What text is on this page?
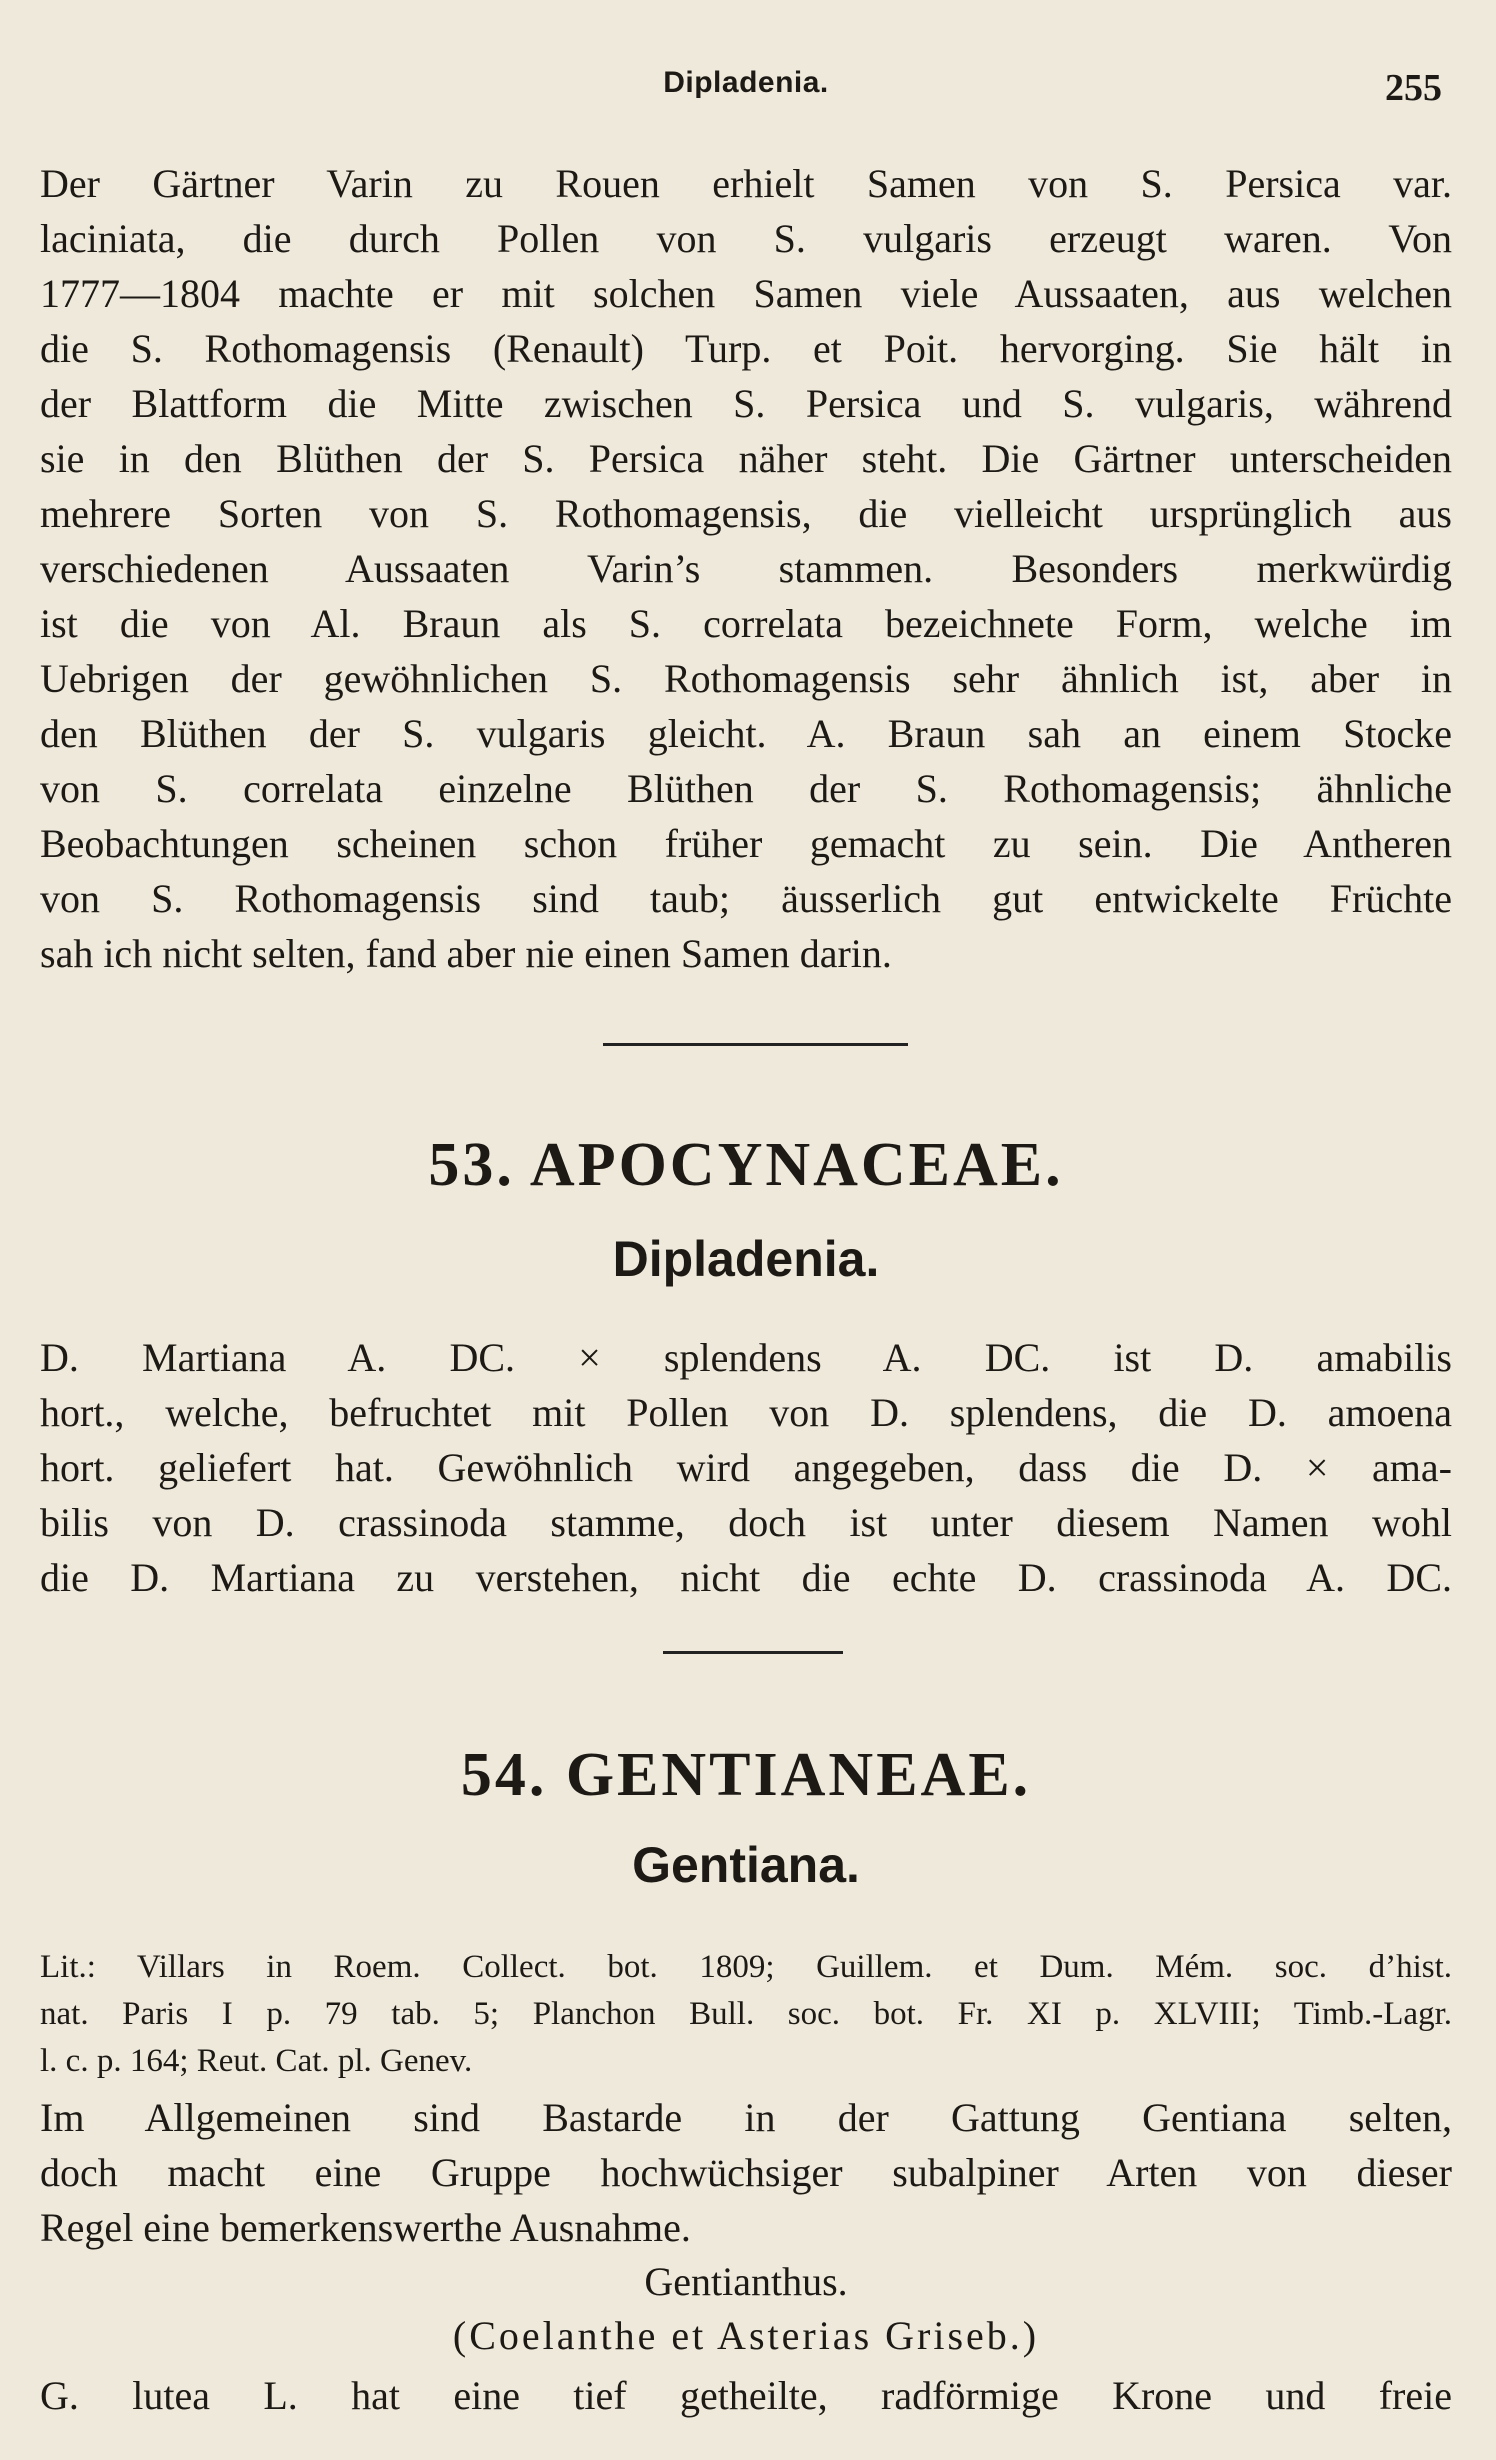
Dipladenia.	255
Der Gärtner Varin zu Rouen erhielt Samen von S. Persica var.
laciniata, die durch Pollen von S. vulgaris erzeugt waren. Von
1777—1804 machte er mit solchen Samen viele Aussaaten, aus welchen
die S. Rothomagensis (Renault) Turp. et Poit. hervorging. Sie hält in
der Blattform die Mitte zwischen S. Persica und S. vulgaris, während
sie in den Blüthen der S. Persica näher steht. Die Gärtner unterscheiden
mehrere Sorten von S. Rothomagensis, die vielleicht ursprünglich aus
verschiedenen Aussaaten Varin’s stammen. Besonders merkwürdig
ist die von Al. Braun als S. correlata bezeichnete Form, welche im
Uebrigen der gewöhnlichen S. Rothomagensis sehr ähnlich ist, aber in
den Blüthen der S. vulgaris gleicht. A. Braun sah an einem Stocke
von S. correlata einzelne Blüthen der S. Rothomagensis; ähnliche
Beobachtungen scheinen schon früher gemacht zu sein. Die Antheren
von S. Rothomagensis sind taub; äusserlich gut entwickelte Früchte
sah ich nicht selten, fand aber nie einen Samen darin.
53. APOCYNACEAE.
Dipladenia.
D. Martiana A. DC. × splendens A. DC. ist D. amabilis
hort., welche, befruchtet mit Pollen von D. splendens, die D. amoena
hort. geliefert hat. Gewöhnlich wird angegeben, dass die D. × ama-
bilis von D. crassinoda stamme, doch ist unter diesem Namen wohl
die D. Martiana zu verstehen, nicht die echte D. crassinoda A. DC.
54. GENTIANEAE.
Gentiana.
Lit.: Villars in Roem. Collect. bot. 1809; Guillem. et Dum. Mém. soc. d’hist.
nat. Paris I p. 79 tab. 5; Planchon Bull. soc. bot. Fr. XI p. XLVIII; Timb.-Lagr.
l. c. p. 164; Reut. Cat. pl. Genev.
Im Allgemeinen sind Bastarde in der Gattung Gentiana selten,
doch macht eine Gruppe hochwüchsiger subalpiner Arten von dieser
Regel eine bemerkenswerthe Ausnahme.
Gentianthus.
(Coelanthe et Asterias Griseb.)
G. lutea L. hat eine tief getheilte, radförmige Krone und freie
